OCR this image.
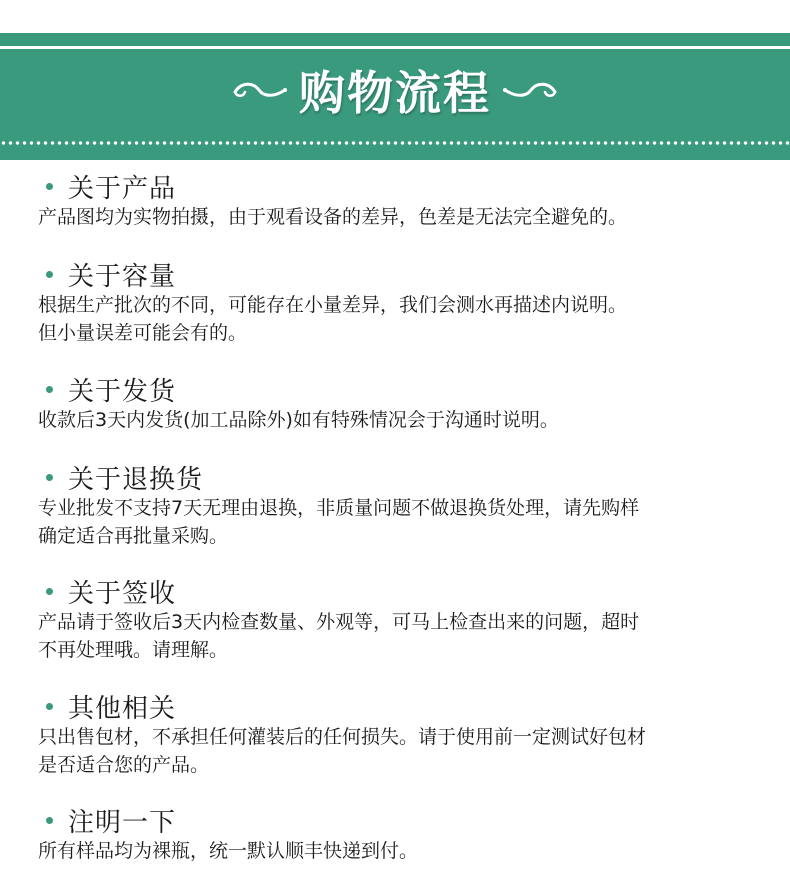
购物流程
关于产品
产品图均为实物拍摄，由于观看设备的差异，色差是无法完全避免的。
关于容量
根据生产批次的不同，可能存在小量差异，我们会测水再描述内说明。
但小量误差可能会有的。
关于发货
收款后3天内发货(加工品除外)如有特殊情况会于沟通时说明。
关于退换货
专业批发不支持7天无理由退换，非质量问题不做退换货处理，请先购样
确定适合再批量采购。
关于签收
产品请于签收后3天内检查数量、外观等，可马上检查出来的问题，超时
不再处理哦。请理解。
其他相关
只出售包材，不承担任何灌装后的任何损失。请于使用前一定测试好包材
是否适合您的产品。
注明一下
所有样品均为裸瓶，统一默认顺丰快递到付。
